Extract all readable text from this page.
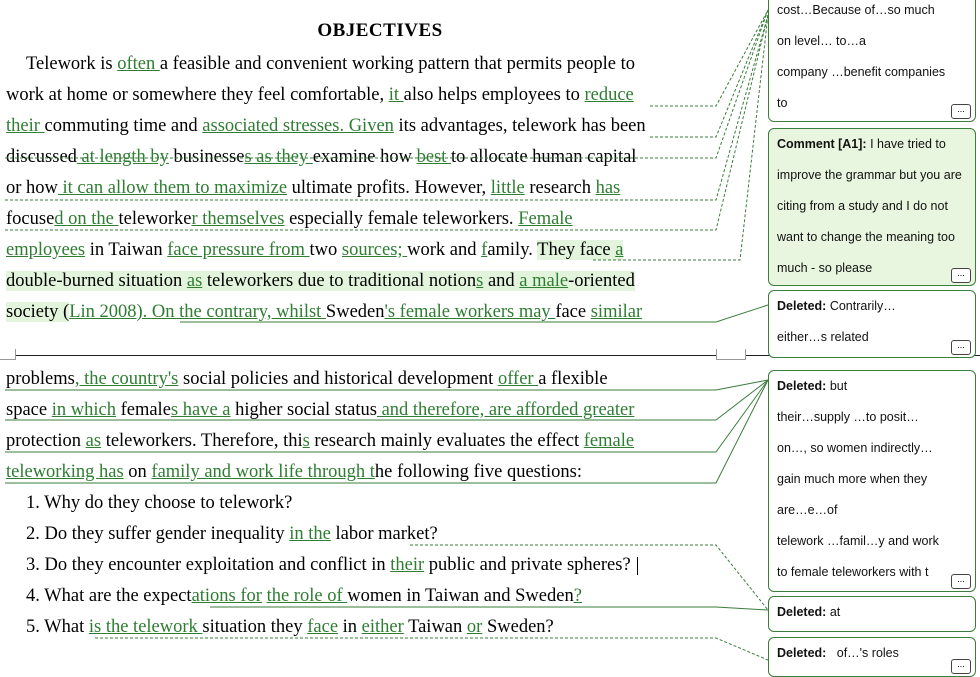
OBJECTIVES
Telework is often a feasible and convenient working pattern that permits people to
work at home or somewhere they feel comfortable, it also helps employees to reduce
their commuting time and associated stresses. Given its advantages, telework has been
discussed at length by businesses as they examine how best to allocate human capital
or how it can allow them to maximize ultimate profits. However, little research has
focused on the teleworker themselves especially female teleworkers. Female
employees in Taiwan face pressure from two sources; work and family. They face a
double-burned situation as teleworkers due to traditional notions and a male-oriented
society (Lin 2008). On the contrary, whilst Sweden's female workers may face similar
problems, the country's social policies and historical development offer a flexible
space in which females have a higher social status and therefore, are afforded greater
protection as teleworkers. Therefore, this research mainly evaluates the effect female
teleworking has on family and work life through the following five questions:
1. Why do they choose to telework?
2. Do they suffer gender inequality in the labor market?
3. Do they encounter exploitation and conflict in their public and private spheres?
4. What are the expectations for the role of women in Taiwan and Sweden?
5. What is the telework situation they face in either Taiwan or Sweden?
cost…Because of…so much
on level… to…a
company …benefit companies
to	...
Comment [A1]: I have tried to improve the grammar but you are citing from a study and I do not want to change the meaning too much - so please	...
Deleted: Contrarily…
either…s related
...
Deleted: but
their…supply …to posit…
on…, so women indirectly…
gain much more when they
are…e…of
telework …famil…y and work
to female teleworkers with t	...
Deleted: at
Deleted: of…'s roles
...
